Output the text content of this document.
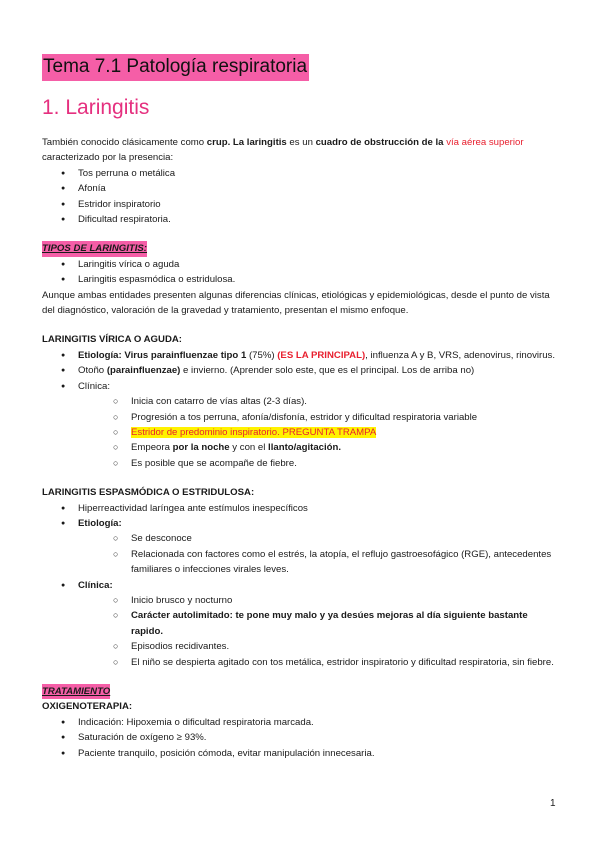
Tema 7.1 Patología respiratoria
1. Laringitis

También conocido clásicamente como crup. La laringitis es un cuadro de obstrucción de la vía aérea superior

caracterizado por la presencia:

● Tos perruna o metálica
● Afonía
● Estridor inspiratorio
● Dificultad respiratoria.

TIPOS DE LARINGITIS:

● Laringitis vírica o aguda
● Laringitis espasmódica o estridulosa.

Aunque ambas entidades presenten algunas diferencias clínicas, etiológicas y epidemiológicas, desde el punto de vista del diagnóstico, valoración de la gravedad y tratamiento, presentan el mismo enfoque.

LARINGITIS VÍRICA O AGUDA:

● Etiología: Virus parainfluenzae tipo 1 (75%) (ES LA PRINCIPAL), influenza A y B, VRS, adenovirus, rinovirus.
● Otoño (parainfluenzae) e invierno. (Aprender solo este, que es el principal. Los de arriba no)
● Clínica:
○ Inicia con catarro de vías altas (2-3 días).
○ Progresión a tos perruna, afonía/disfonía, estridor y dificultad respiratoria variable
○ Estridor de predominio inspiratorio. PREGUNTA TRAMPA
○ Empeora por la noche y con el llanto/agitación.
○ Es posible que se acompañe de fiebre.

LARINGITIS ESPASMÓDICA O ESTRIDULOSA:

● Hiperreactividad laríngea ante estímulos inespecíficos
● Etiología:
○ Se desconoce
○ Relacionada con factores como el estrés, la atopía, el reflujo gastroesofágico (RGE), antecedentes familiares o infecciones virales leves.
● Clínica:
○ Inicio brusco y nocturno
○ Carácter autolimitado: te pone muy malo y ya desúes mejoras al día siguiente bastante rapido.
○ Episodios recidivantes.
○ El niño se despierta agitado con tos metálica, estridor inspiratorio y dificultad respiratoria, sin fiebre.

TRATAMIENTO

OXIGENOTERAPIA:

● Indicación: Hipoxemia o dificultad respiratoria marcada.
● Saturación de oxígeno ≥ 93%.
● Paciente tranquilo, posición cómoda, evitar manipulación innecesaria.
1
